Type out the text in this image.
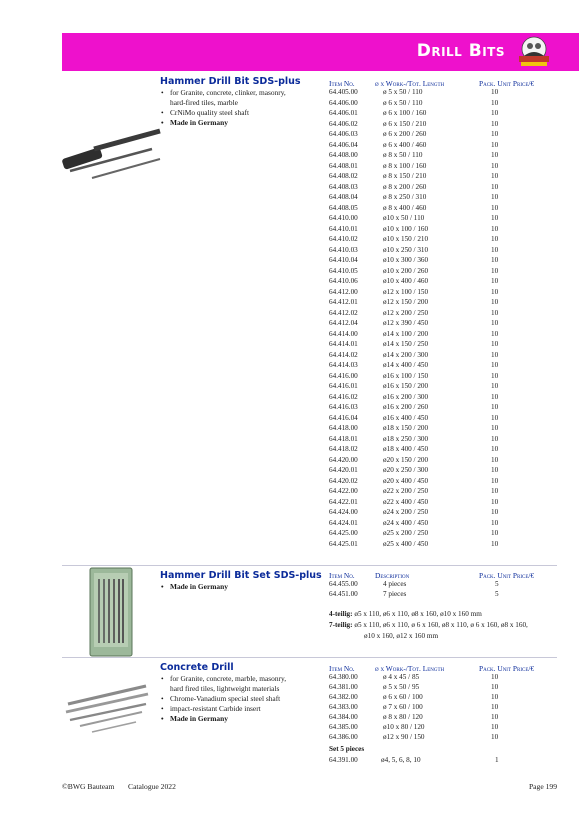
Drill Bits
Hammer Drill Bit SDS-plus
• for Granite, concrete, clinker, masonry,
hard-fired tiles, marble
• CrNiMo quality steel shaft
• Made in Germany
Item No.	ø x Work-/Tot. Length	Pack. Unit Price/€
64.405.00	ø 5 x 50 / 110	10
64.406.00	ø 6 x 50 / 110	10
64.406.01	ø 6 x 100 / 160	10
64.406.02	ø 6 x 150 / 210	10
64.406.03	ø 6 x 200 / 260	10
64.406.04	ø 6 x 400 / 460	10
64.408.00	ø 8 x 50 / 110	10
64.408.01	ø 8 x 100 / 160	10
64.408.02	ø 8 x 150 / 210	10
64.408.03	ø 8 x 200 / 260	10
64.408.04	ø 8 x 250 / 310	10
64.408.05	ø 8 x 400 / 460	10
64.410.00	ø10 x 50 / 110	10
64.410.01	ø10 x 100 / 160	10
64.410.02	ø10 x 150 / 210	10
64.410.03	ø10 x 250 / 310	10
64.410.04	ø10 x 300 / 360	10
64.410.05	ø10 x 200 / 260	10
64.410.06	ø10 x 400 / 460	10
64.412.00	ø12 x 100 / 150	10
64.412.01	ø12 x 150 / 200	10
64.412.02	ø12 x 200 / 250	10
64.412.04	ø12 x 390 / 450	10
64.414.00	ø14 x 100 / 200	10
64.414.01	ø14 x 150 / 250	10
64.414.02	ø14 x 200 / 300	10
64.414.03	ø14 x 400 / 450	10
64.416.00	ø16 x 100 / 150	10
64.416.01	ø16 x 150 / 200	10
64.416.02	ø16 x 200 / 300	10
64.416.03	ø16 x 200 / 260	10
64.416.04	ø16 x 400 / 450	10
64.418.00	ø18 x 150 / 200	10
64.418.01	ø18 x 250 / 300	10
64.418.02	ø18 x 400 / 450	10
64.420.00	ø20 x 150 / 200	10
64.420.01	ø20 x 250 / 300	10
64.420.02	ø20 x 400 / 450	10
64.422.00	ø22 x 200 / 250	10
64.422.01	ø22 x 400 / 450	10
64.424.00	ø24 x 200 / 250	10
64.424.01	ø24 x 400 / 450	10
64.425.00	ø25 x 200 / 250	10
64.425.01	ø25 x 400 / 450	10
Hammer Drill Bit Set SDS-plus
• Made in Germany
Item No.	Description	Pack. Unit Price/€
64.455.00	4 pieces	5
64.451.00	7 pieces	5
4-teilig: ø5 x 110, ø6 x 110, ø8 x 160, ø10 x 160 mm
7-teilig: ø5 x 110, ø6 x 110, ø 6 x 160, ø8 x 110, ø 6 x 160, ø8 x 160,
ø10 x 160, ø12 x 160 mm
Concrete Drill
• for Granite, concrete, marble, masonry,
hard fired tiles, lightweight materials
• Chrome-Vanadium special steel shaft
• impact-resistant Carbide insert
• Made in Germany
Item No.	ø x Work-/Tot. Length	Pack. Unit Price/€
64.380.00	ø 4 x 45 / 85	10
64.381.00	ø 5 x 50 / 95	10
64.382.00	ø 6 x 60 / 100	10
64.383.00	ø 7 x 60 / 100	10
64.384.00	ø 8 x 80 / 120	10
64.385.00	ø10 x 80 / 120	10
64.386.00	ø12 x 90 / 150	10
Set 5 pieces
64.391.00	ø4, 5, 6, 8, 10	1
©BWG Bauteam Catalogue 2022	Page 199
